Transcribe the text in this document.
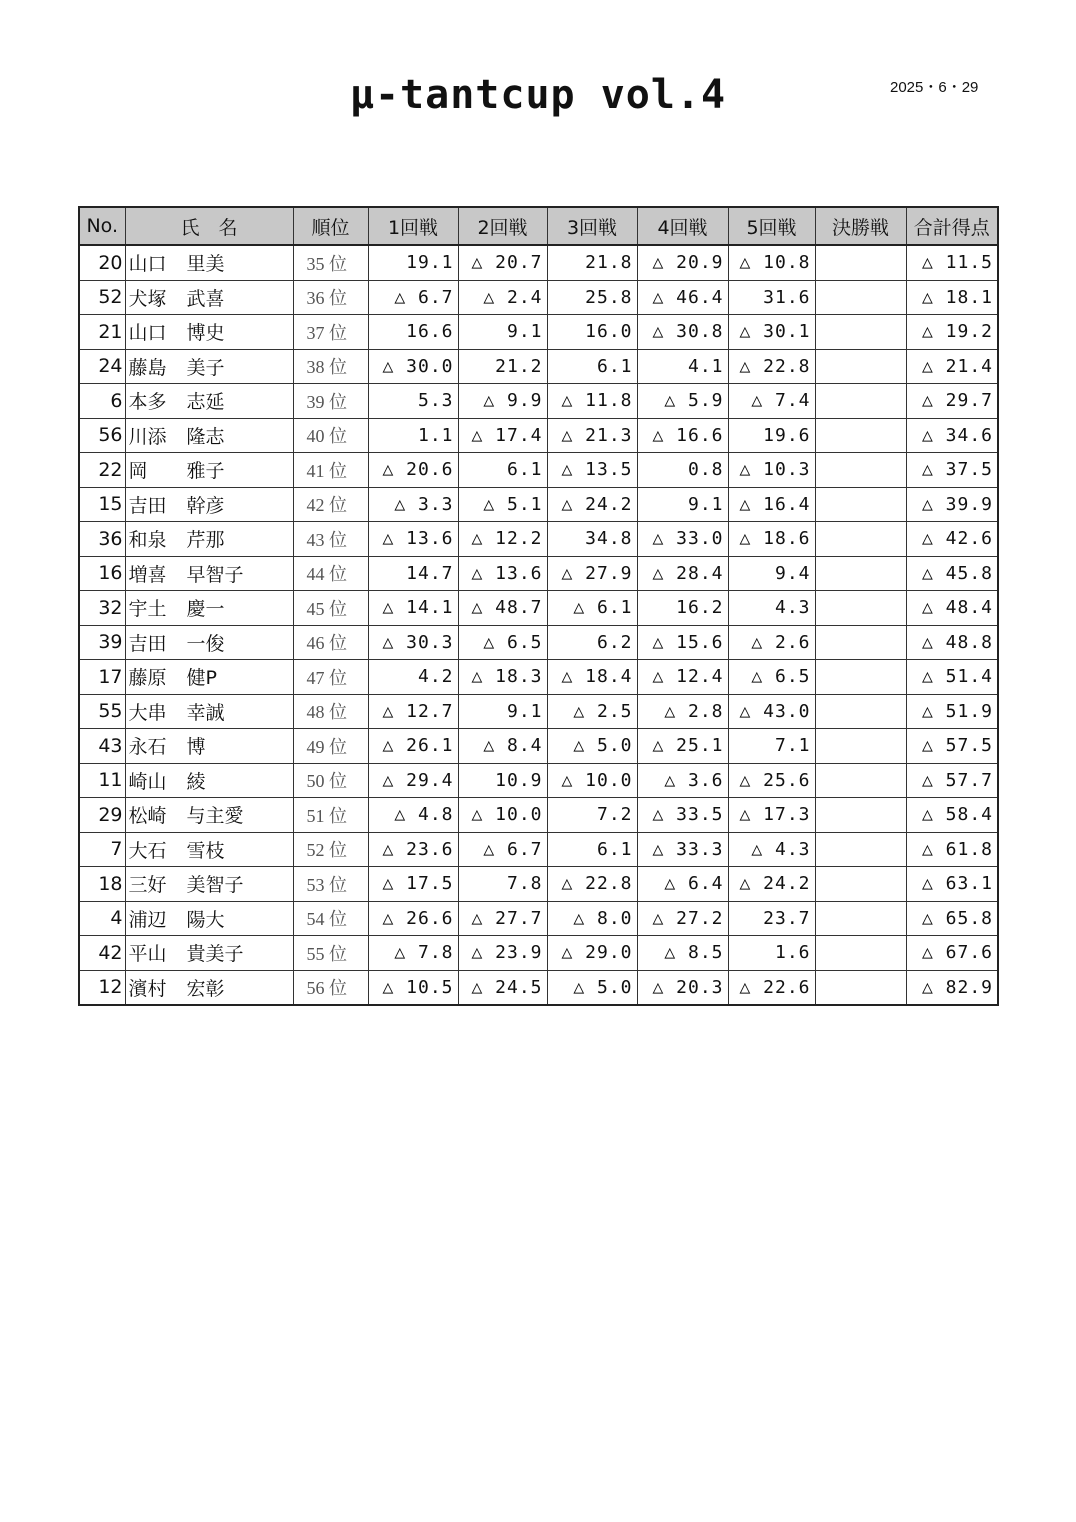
μ-tantcup vol.4	2025・6・29
No.	氏　名	順位	1回戦	2回戦	3回戦	4回戦	5回戦	決勝戦	合計得点
20	山口 里美	35 位	19.1	△ 20.7	21.8	△ 20.9	△ 10.8		△ 11.5
52	犬塚 武喜	36 位	△ 6.7	△ 2.4	25.8	△ 46.4	31.6		△ 18.1
21	山口 博史	37 位	16.6	9.1	16.0	△ 30.8	△ 30.1		△ 19.2
24	藤島 美子	38 位	△ 30.0	21.2	6.1	4.1	△ 22.8		△ 21.4
6	本多 志延	39 位	5.3	△ 9.9	△ 11.8	△ 5.9	△ 7.4		△ 29.7
56	川添 隆志	40 位	1.1	△ 17.4	△ 21.3	△ 16.6	19.6		△ 34.6
22	岡 雅子	41 位	△ 20.6	6.1	△ 13.5	0.8	△ 10.3		△ 37.5
15	吉田 幹彦	42 位	△ 3.3	△ 5.1	△ 24.2	9.1	△ 16.4		△ 39.9
36	和泉 芹那	43 位	△ 13.6	△ 12.2	34.8	△ 33.0	△ 18.6		△ 42.6
16	増喜 早智子	44 位	14.7	△ 13.6	△ 27.9	△ 28.4	9.4		△ 45.8
32	宇土 慶一	45 位	△ 14.1	△ 48.7	△ 6.1	16.2	4.3		△ 48.4
39	吉田 一俊	46 位	△ 30.3	△ 6.5	6.2	△ 15.6	△ 2.6		△ 48.8
17	藤原 健P	47 位	4.2	△ 18.3	△ 18.4	△ 12.4	△ 6.5		△ 51.4
55	大串 幸誠	48 位	△ 12.7	9.1	△ 2.5	△ 2.8	△ 43.0		△ 51.9
43	永石 博	49 位	△ 26.1	△ 8.4	△ 5.0	△ 25.1	7.1		△ 57.5
11	崎山 綾	50 位	△ 29.4	10.9	△ 10.0	△ 3.6	△ 25.6		△ 57.7
29	松崎 与主愛	51 位	△ 4.8	△ 10.0	7.2	△ 33.5	△ 17.3		△ 58.4
7	大石 雪枝	52 位	△ 23.6	△ 6.7	6.1	△ 33.3	△ 4.3		△ 61.8
18	三好 美智子	53 位	△ 17.5	7.8	△ 22.8	△ 6.4	△ 24.2		△ 63.1
4	浦辺 陽大	54 位	△ 26.6	△ 27.7	△ 8.0	△ 27.2	23.7		△ 65.8
42	平山 貴美子	55 位	△ 7.8	△ 23.9	△ 29.0	△ 8.5	1.6		△ 67.6
12	濱村 宏彰	56 位	△ 10.5	△ 24.5	△ 5.0	△ 20.3	△ 22.6		△ 82.9
